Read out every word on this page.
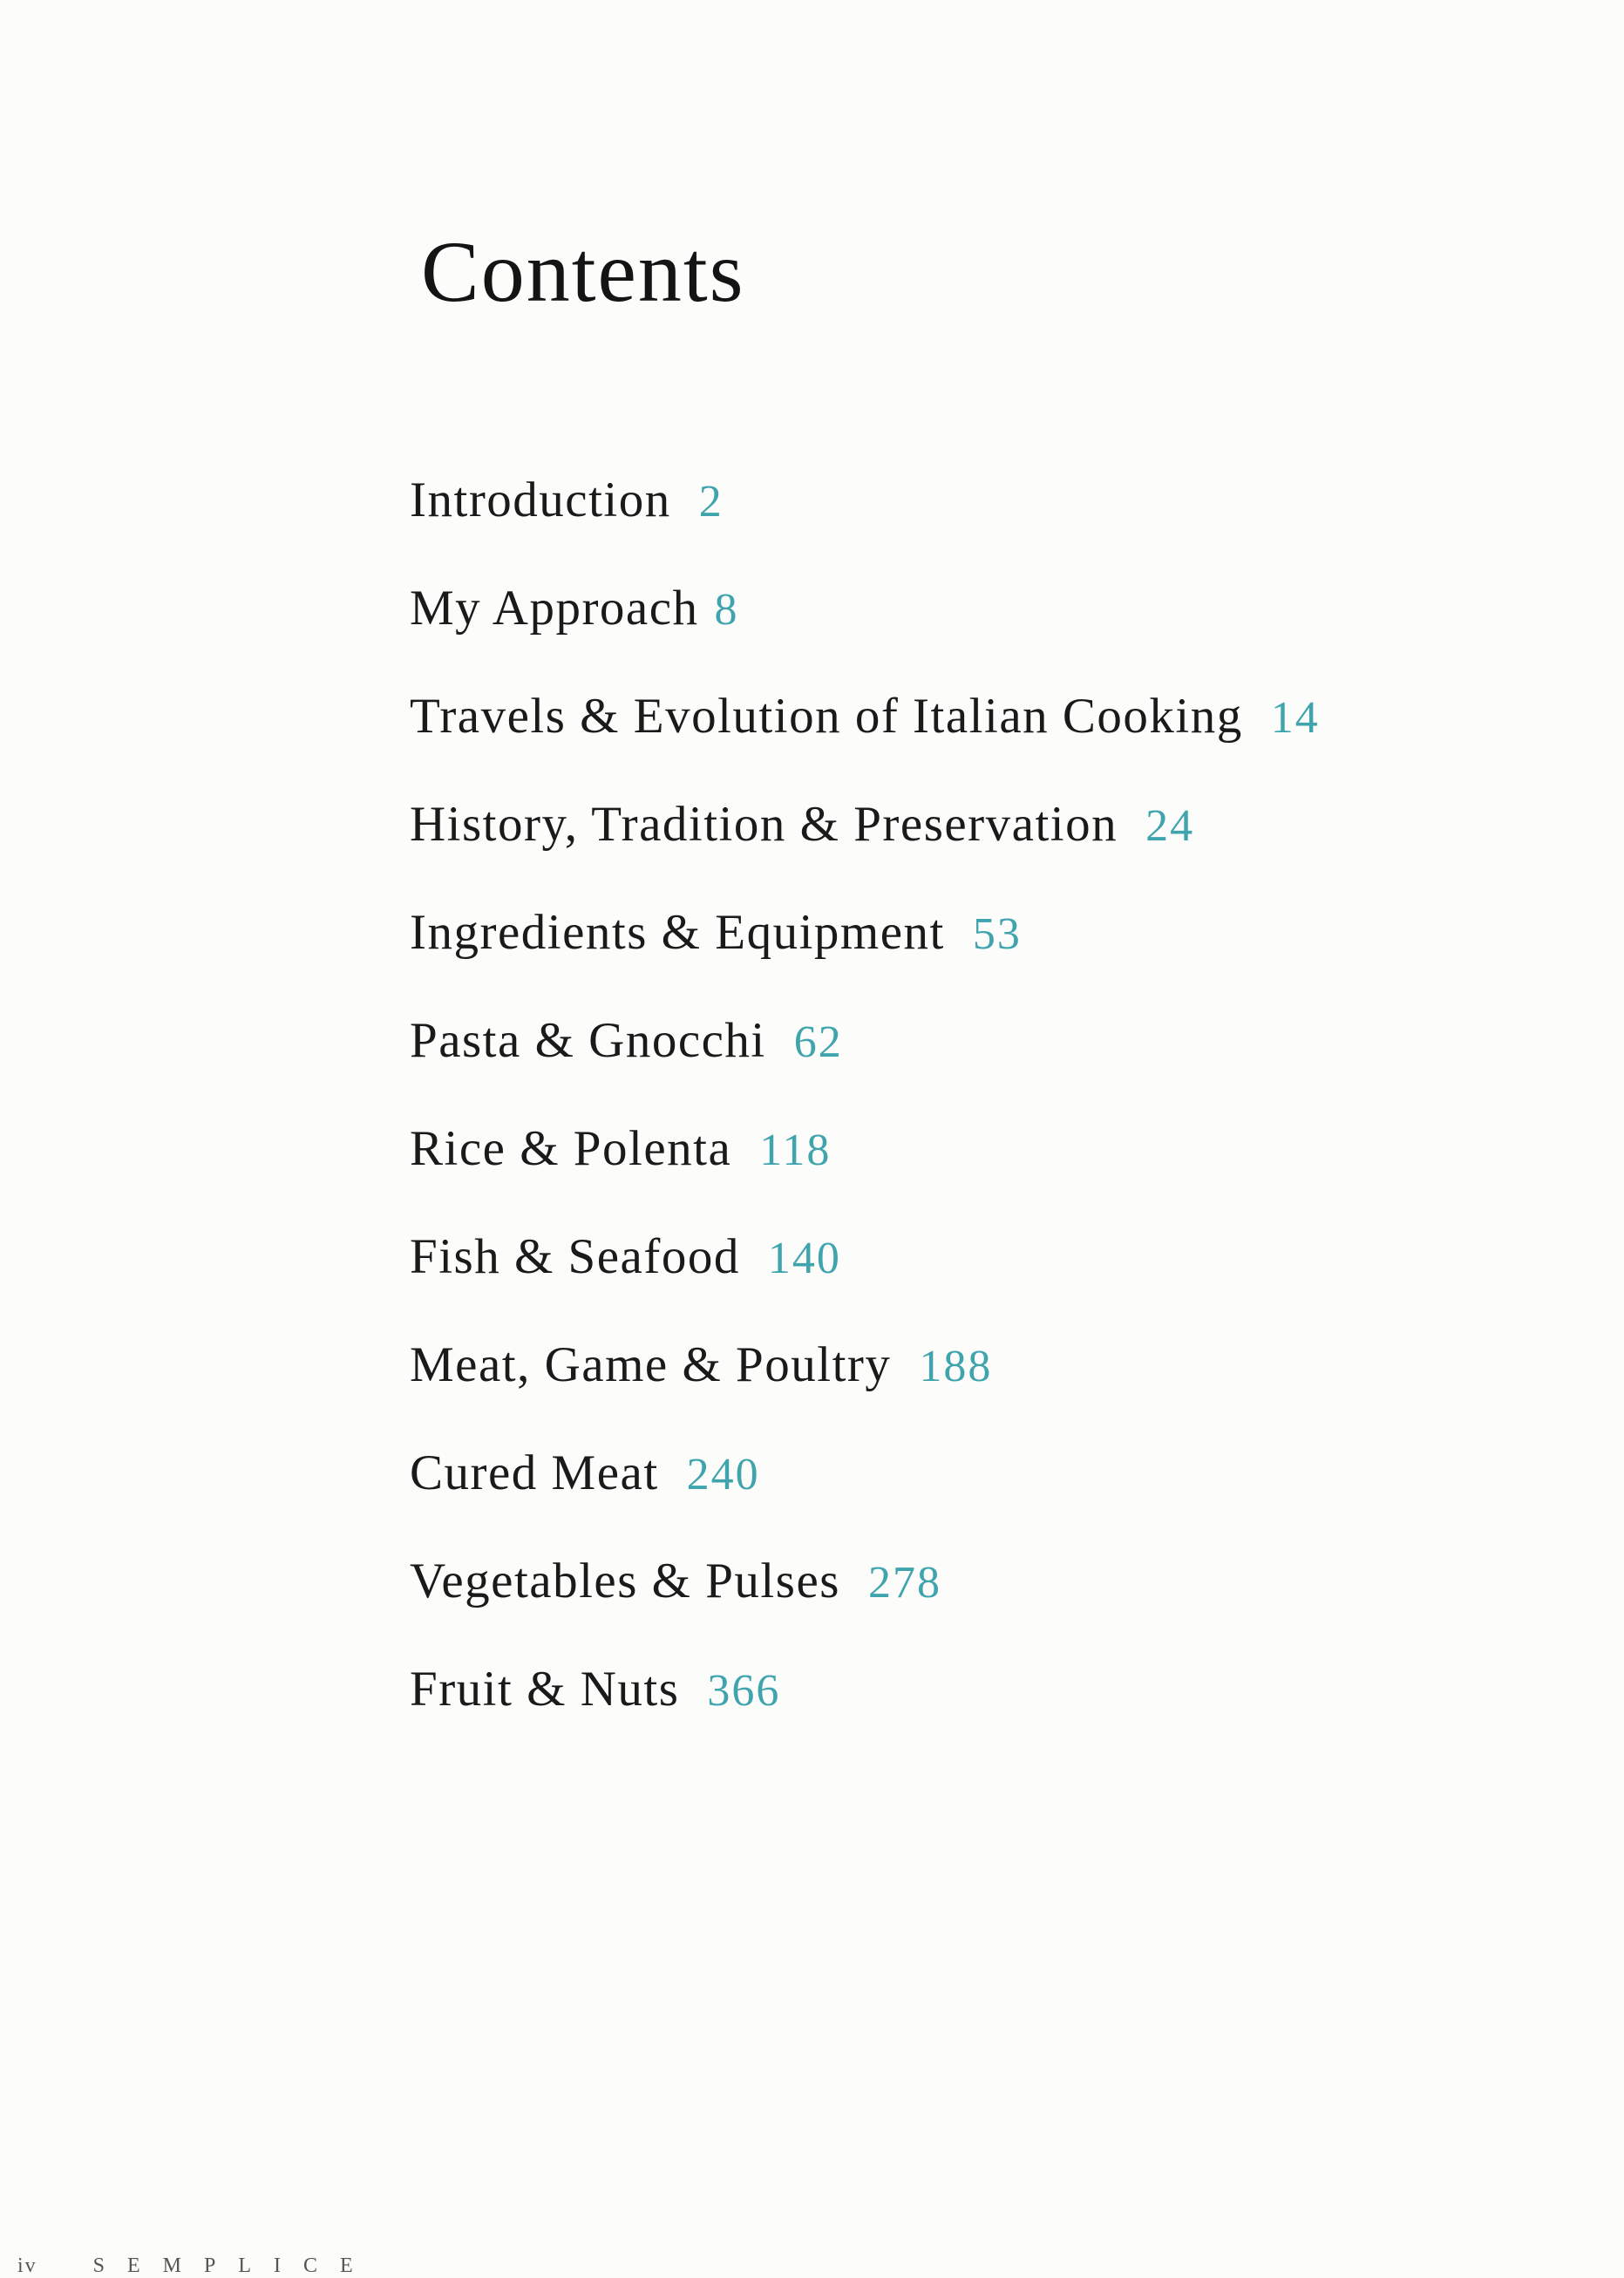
Contents
Introduction 2
My Approach 8
Travels & Evolution of Italian Cooking 14
History, Tradition & Preservation 24
Ingredients & Equipment 53
Pasta & Gnocchi 62
Rice & Polenta 118
Fish & Seafood 140
Meat, Game & Poultry 188
Cured Meat 240
Vegetables & Pulses 278
Fruit & Nuts 366
iv	SEMPLICE
